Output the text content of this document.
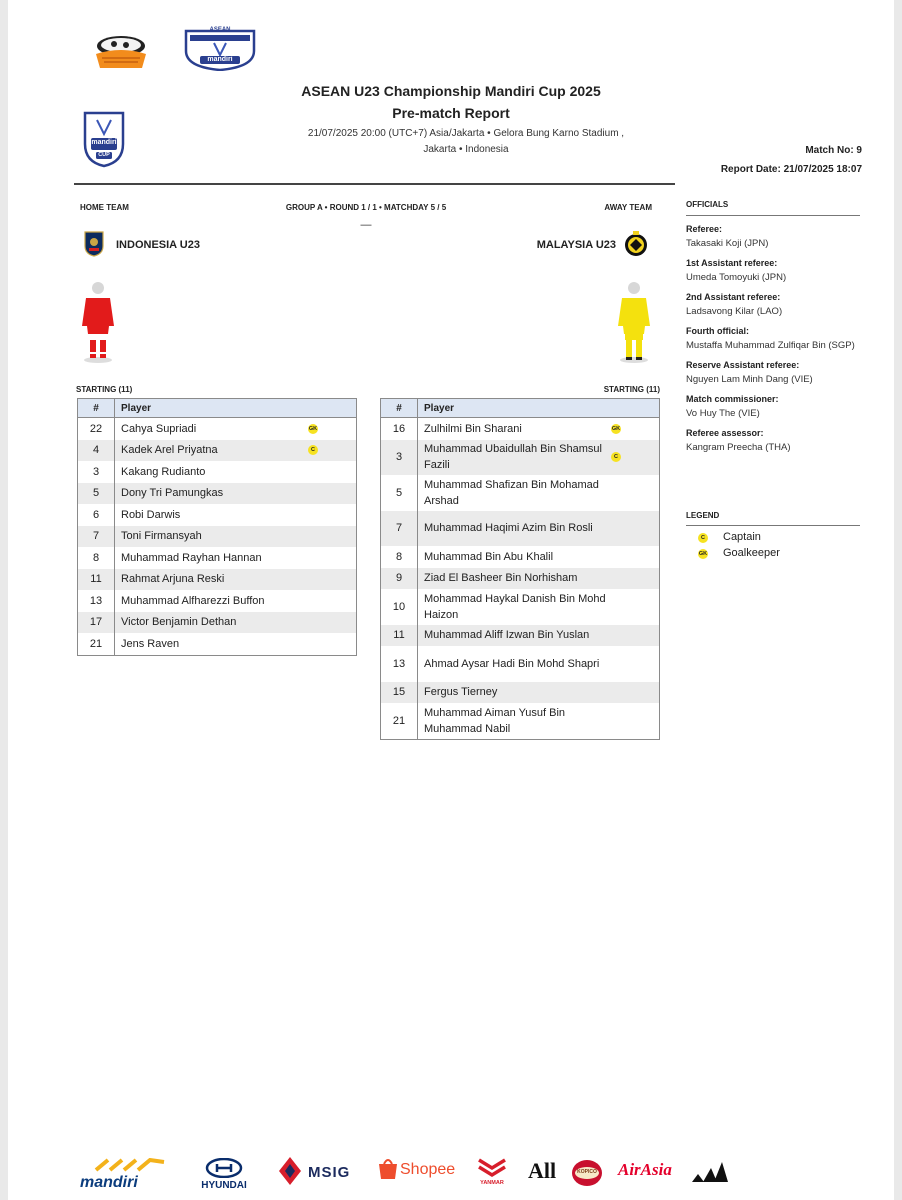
ASEAN
mandiri
mandiri
CUP
ASEAN U23 Championship Mandiri Cup 2025
Pre-match Report
21/07/2025 20:00 (UTC+7) Asia/Jakarta • Gelora Bung Karno Stadium ,
Jakarta • Indonesia	Match No: 9
Report Date: 21/07/2025 18:07
HOME TEAM	GROUP A • ROUND 1 / 1 • MATCHDAY 5 / 5	AWAY TEAM
—
INDONESIA U23	MALAYSIA U23
STARTING (11)	STARTING (11)
#	Player
22	Cahya Supriadi GK

4	Kadek Arel Priyatna C

3	Kakang Rudianto
5	Dony Tri Pamungkas
6	Robi Darwis
7	Toni Firmansyah
8	Muhammad Rayhan Hannan
11	Rahmat Arjuna Reski
13	Muhammad Alfharezzi Buffon
17	Victor Benjamin Dethan
21	Jens Raven
#	Player
16	Zulhilmi Bin Sharani GK

3	Muhammad Ubaidullah Bin Shamsul Fazili
C

5	Muhammad Shafizan Bin Mohamad Arshad
7	Muhammad Haqimi Azim Bin Rosli
8	Muhammad Bin Abu Khalil
9	Ziad El Basheer Bin Norhisham
10	Mohammad Haykal Danish Bin Mohd Haizon
11	Muhammad Aliff Izwan Bin Yuslan
13	Ahmad Aysar Hadi Bin Mohd Shapri
15	Fergus Tierney
21	Muhammad Aiman Yusuf Bin Muhammad Nabil
OFFICIALS
Referee:
Takasaki Koji (JPN)
1st Assistant referee:
Umeda Tomoyuki (JPN)
2nd Assistant referee:
Ladsavong Kilar (LAO)
Fourth official:
Mustaffa Muhammad Zulfiqar Bin (SGP)
Reserve Assistant referee:
Nguyen Lam Minh Dang (VIE)
Match commissioner:
Vo Huy The (VIE)
Referee assessor:
Kangram Preecha (THA)
LEGEND
C Captain
GK Goalkeeper
mandiri	HYUNDAI
MSIG	Shopee
YANMAR All	KOPICO	AirAsia
